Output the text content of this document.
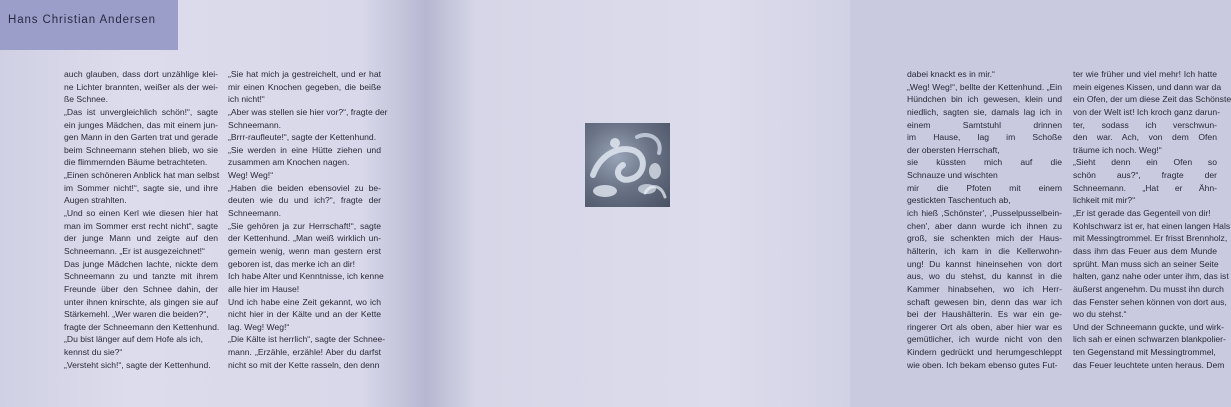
Hans Christian Andersen
auch glauben, dass dort unzählige klei-
ne Lichter brannten, weißer als der wei-
ße Schnee.
„Das ist unvergleichlich schön!“, sagte
ein junges Mädchen, das mit einem jun-
gen Mann in den Garten trat und gerade
beim Schneemann stehen blieb, wo sie
die flimmernden Bäume betrachteten.
„Einen schöneren Anblick hat man selbst
im Sommer nicht!“, sagte sie, und ihre
Augen strahlten.
„Und so einen Kerl wie diesen hier hat
man im Sommer erst recht nicht“, sagte
der junge Mann und zeigte auf den
Schneemann. „Er ist ausgezeichnet!“
Das junge Mädchen lachte, nickte dem
Schneemann zu und tanzte mit ihrem
Freunde über den Schnee dahin, der
unter ihnen knirschte, als gingen sie auf
Stärkemehl. „Wer waren die beiden?“,
fragte der Schneemann den Kettenhund.
„Du bist länger auf dem Hofe als ich,
kennst du sie?“
„Versteht sich!“, sagte der Kettenhund.
„Sie hat mich ja gestreichelt, und er hat
mir einen Knochen gegeben, die beiße
ich nicht!“
„Aber was stellen sie hier vor?“, fragte der
Schneemann.
„Brrr-raufleute!“, sagte der Kettenhund.
„Sie werden in eine Hütte ziehen und
zusammen am Knochen nagen.
Weg! Weg!“
„Haben die beiden ebensoviel zu be-
deuten wie du und ich?“, fragte der
Schneemann.
„Sie gehören ja zur Herrschaft!“, sagte
der Kettenhund. „Man weiß wirklich un-
gemein wenig, wenn man gestern erst
geboren ist, das merke ich an dir!
Ich habe Alter und Kenntnisse, ich kenne
alle hier im Hause!
Und ich habe eine Zeit gekannt, wo ich
nicht hier in der Kälte und an der Kette
lag. Weg! Weg!“
„Die Kälte ist herrlich“, sagte der Schnee-
mann. „Erzähle, erzähle! Aber du darfst
nicht so mit der Kette rasseln, den denn
dabei knackt es in mir.“
„Weg! Weg!“, bellte der Kettenhund. „Ein
Hündchen bin ich gewesen, klein und
niedlich, sagten sie, damals lag ich in
einem Samtstuhl drinnen
im Hause, lag im Schoße
der obersten Herrschaft,
sie küssten mich auf die
Schnauze und wischten
mir die Pfoten mit einem
gestickten Taschentuch ab,
ich hieß ,Schönster', ,Pusselpusselbein-
chen', aber dann wurde ich ihnen zu
groß, sie schenkten mich der Haus-
hälterin, ich kam in die Kellerwohn-
ung! Du kannst hineinsehen von dort
aus, wo du stehst, du kannst in die
Kammer hinabsehen, wo ich Herr-
schaft gewesen bin, denn das war ich
bei der Haushälterin. Es war ein ge-
ringerer Ort als oben, aber hier war es
gemütlicher, ich wurde nicht von den
Kindern gedrückt und herumgeschleppt
wie oben. Ich bekam ebenso gutes Fut-
ter wie früher und viel mehr! Ich hatte
mein eigenes Kissen, und dann war da
ein Ofen, der um diese Zeit das Schönste
von der Welt ist! Ich kroch ganz darun-
ter, sodass ich verschwun-
den war. Ach, von dem Ofen
träume ich noch. Weg!“
„Sieht denn ein Ofen so
schön aus?“, fragte der
Schneemann. „Hat er Ähn-
lichkeit mit mir?“
„Er ist gerade das Gegenteil von dir!
Kohlschwarz ist er, hat einen langen Hals
mit Messingtrommel. Er frisst Brennholz,
dass ihm das Feuer aus dem Munde
sprüht. Man muss sich an seiner Seite
halten, ganz nahe oder unter ihm, das ist
äußerst angenehm. Du musst ihn durch
das Fenster sehen können von dort aus,
wo du stehst.“
Und der Schneemann guckte, und wirk-
lich sah er einen schwarzen blankpolier-
ten Gegenstand mit Messingtrommel,
das Feuer leuchtete unten heraus. Dem
